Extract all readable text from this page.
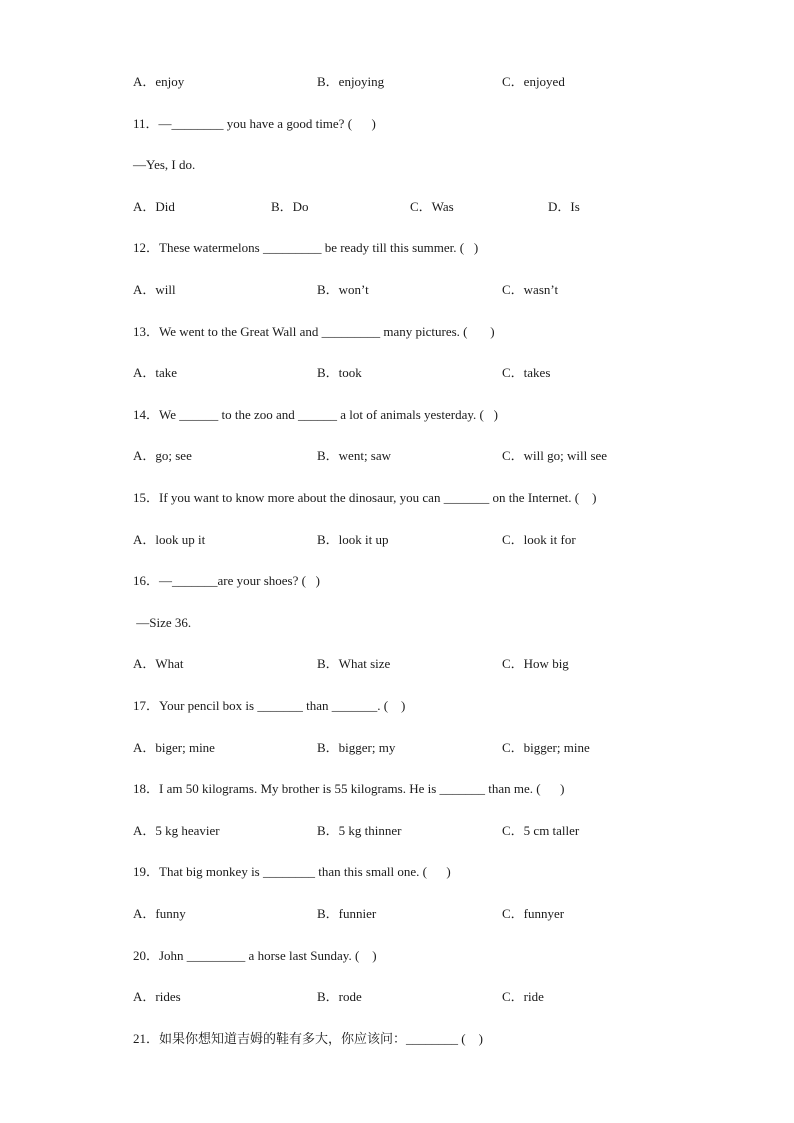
A．enjoy	B．enjoying	C．enjoyed
11．—________ you have a good time? (      )
—Yes, I do.
A．Did	B．Do	C．Was	D．Is
12．These watermelons _________ be ready till this summer. (   )
A．will	B．won’t	C．wasn’t
13．We went to the Great Wall and _________ many pictures. (       )
A．take	B．took	C．takes
14．We ______ to the zoo and ______ a lot of animals yesterday. (   )
A．go; see	B．went; saw	C．will go; will see
15．If you want to know more about the dinosaur, you can _______ on the Internet. (    )
A．look up it	B．look it up	C．look it for
16．—_______are your shoes? (   )
—Size 36.
A．What	B．What size	C．How big
17．Your pencil box is _______ than _______. (    )
A．biger; mine	B．bigger; my	C．bigger; mine
18．I am 50 kilograms. My brother is 55 kilograms. He is _______ than me. (      )
A．5 kg heavier	B．5 kg thinner	C．5 cm taller
19．That big monkey is ________ than this small one. (      )
A．funny	B．funnier	C．funnyer
20．John _________ a horse last Sunday. (    )
A．rides	B．rode	C．ride
21．如果你想知道吉姆的鞋有多大，你应该问：________ (    )
